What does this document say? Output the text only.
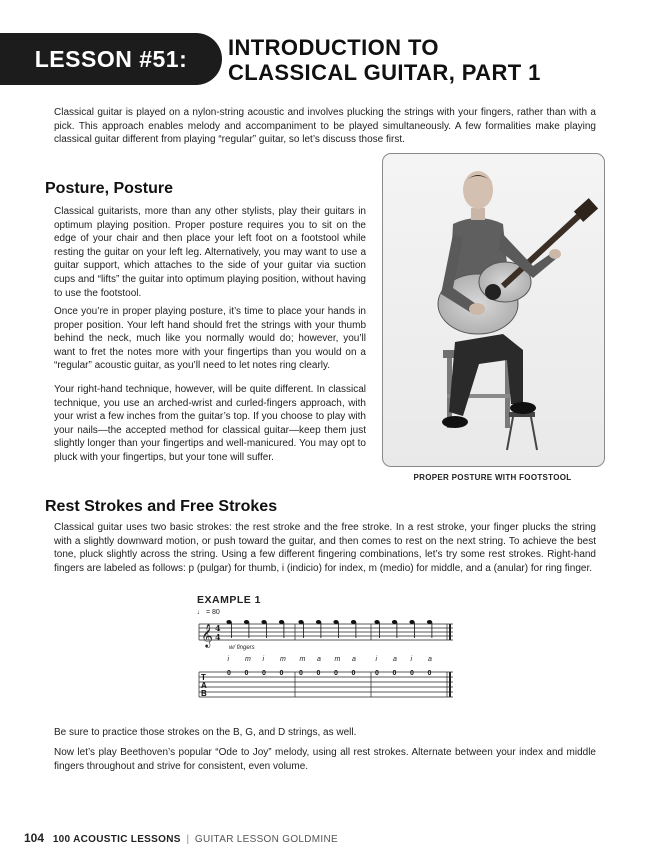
LESSON #51:	INTRODUCTION TO
CLASSICAL GUITAR, PART 1

Classical guitar is played on a nylon-string acoustic and involves plucking the strings with your fingers, rather than with a pick. This approach enables melody and accompaniment to be played simultaneously. A few formalities make playing classical guitar different from playing “regular” guitar, so let’s discuss those first.

Posture, Posture

Classical guitarists, more than any other stylists, play their guitars in optimum playing position. Proper posture requires you to sit on the edge of your chair and then place your left foot on a footstool while resting the guitar on your left leg. Alternatively, you may want to use a guitar support, which attaches to the side of your guitar via suction cups and “lifts” the guitar into optimum playing position, without having to use the footstool.

Once you’re in proper playing posture, it’s time to place your hands in proper position. Your left hand should fret the strings with your thumb behind the neck, much like you normally would do; however, you’ll want to fret the notes more with your fingertips than you would on a “regular” acoustic guitar, as you’ll need to let notes ring clearly.

Your right-hand technique, however, will be quite different. In classical technique, you use an arched-wrist and curled-fingers approach, with your wrist a few inches from the guitar’s top. If you choose to play with your nails—the accepted method for classical guitar—keep them just slightly longer than your fingertips and well-manicured. You may opt to pluck with your fingertips, but your tone will suffer.

PROPER POSTURE WITH FOOTSTOOL
Rest Strokes and Free Strokes

Classical guitar uses two basic strokes: the rest stroke and the free stroke. In a rest stroke, your finger plucks the string with a slightly downward motion, or push toward the guitar, and then comes to rest on the next string. To achieve the best tone, pluck slightly across the string. Using a few different fingering combinations, let’s try some rest strokes. Right-hand fingers are labeled as follows: p (pulgar) for thumb, i (indicio) for index, m (medio) for middle, and a (anular) for ring finger.

EXAMPLE 1
♩ = 80
𝄞 4
4
i m i m m a m a	i a i a
T
A
B
0 0 0 0 0 0 0 0	0 0 0 0
w/ fingers

Be sure to practice those strokes on the B, G, and D strings, as well.

Now let’s play Beethoven’s popular “Ode to Joy” melody, using all rest strokes. Alternate between your index and middle fingers throughout and strive for consistent, even volume.

104 100 ACOUSTIC LESSONS | GUITAR LESSON GOLDMINE
